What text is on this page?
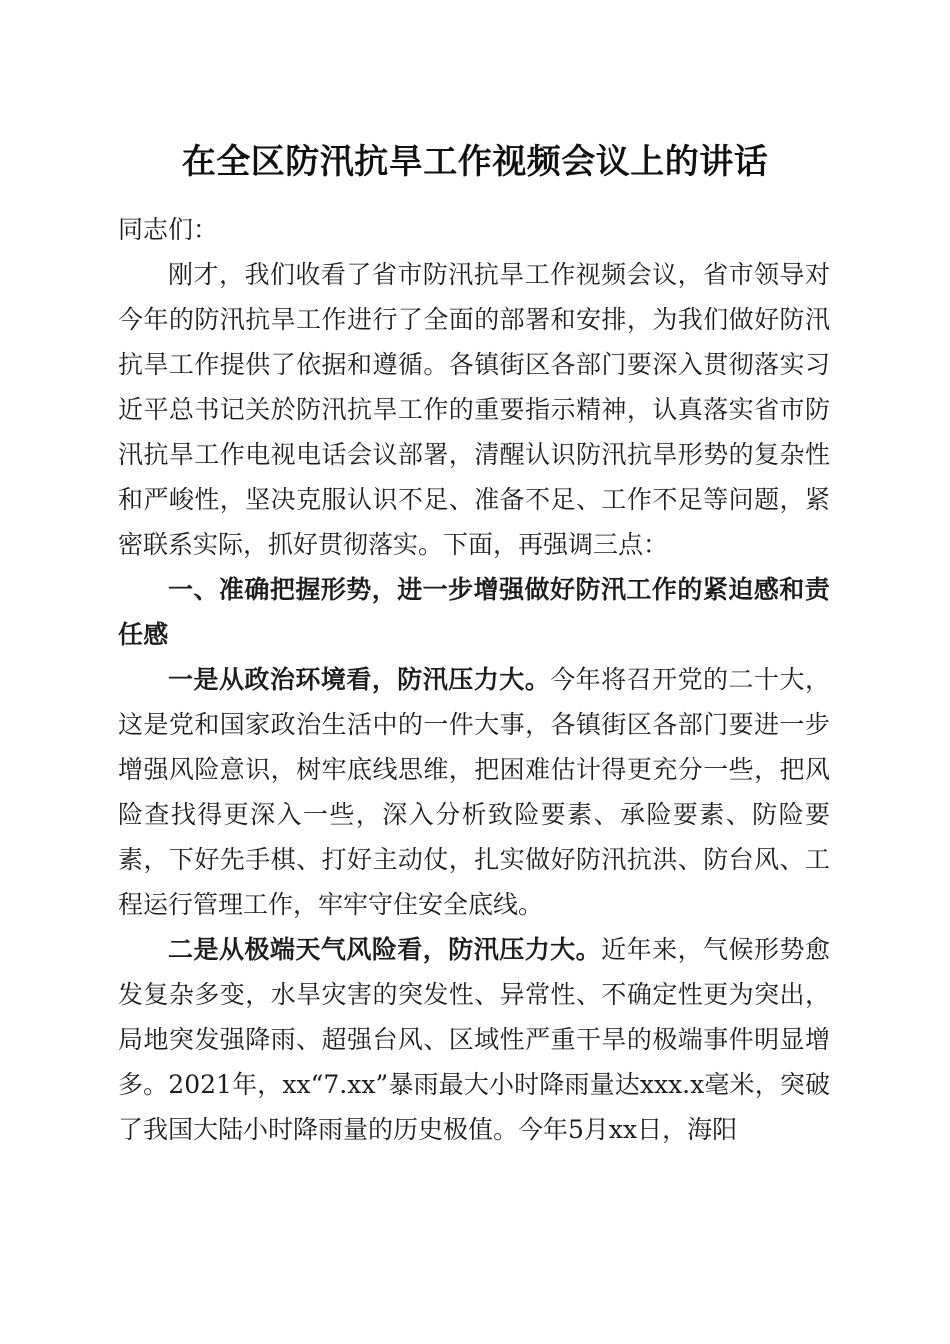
在全区防汛抗旱工作视频会议上的讲话

同志们：

刚才，我们收看了省市防汛抗旱工作视频会议，省市领导对今年的防汛抗旱工作进行了全面的部署和安排，为我们做好防汛抗旱工作提供了依据和遵循。各镇街区各部门要深入贯彻落实习近平总书记关於防汛抗旱工作的重要指示精神，认真落实省市防汛抗旱工作电视电话会议部署，清醒认识防汛抗旱形势的复杂性和严峻性，坚决克服认识不足、准备不足、工作不足等问题，紧密联系实际，抓好贯彻落实。下面，再强调三点：

一、准确把握形势，进一步增强做好防汛工作的紧迫感和责任感

一是从政治环境看，防汛压力大。今年将召开党的二十大，这是党和国家政治生活中的一件大事，各镇街区各部门要进一步增强风险意识，树牢底线思维，把困难估计得更充分一些，把风险查找得更深入一些，深入分析致险要素、承险要素、防险要素，下好先手棋、打好主动仗，扎实做好防汛抗洪、防台风、工程运行管理工作，牢牢守住安全底线。

二是从极端天气风险看，防汛压力大。近年来，气候形势愈发复杂多变，水旱灾害的突发性、异常性、不确定性更为突出，局地突发强降雨、超强台风、区域性严重干旱的极端事件明显增多。2021年，xx“7.xx”暴雨最大小时降雨量达xxx.x毫米，突破了我国大陆小时降雨量的历史极值。今年5月xx日，海阳
